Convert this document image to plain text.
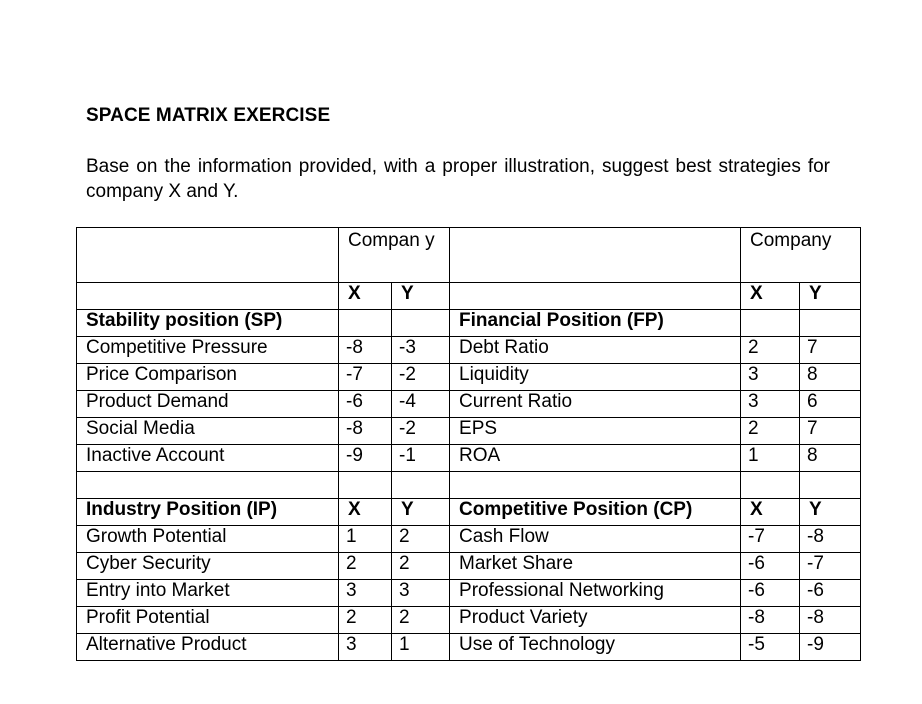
SPACE MATRIX EXERCISE
Base on the information provided, with a proper illustration, suggest best strategies for company X and Y.
	Compan y			Company	
	X	Y		X	Y
Stability position (SP)			Financial Position (FP)		
Competitive Pressure	-8	-3	Debt Ratio	2	7
Price Comparison	-7	-2	Liquidity	3	8
Product Demand	-6	-4	Current Ratio	3	6
Social Media	-8	-2	EPS	2	7
Inactive Account	-9	-1	ROA	1	8

Industry Position (IP)	X	Y	Competitive Position (CP)	X	Y
Growth Potential	1	2	Cash Flow	-7	-8
Cyber Security	2	2	Market Share	-6	-7
Entry into Market	3	3	Professional Networking	-6	-6
Profit Potential	2	2	Product Variety	-8	-8
Alternative Product	3	1	Use of Technology	-5	-9
